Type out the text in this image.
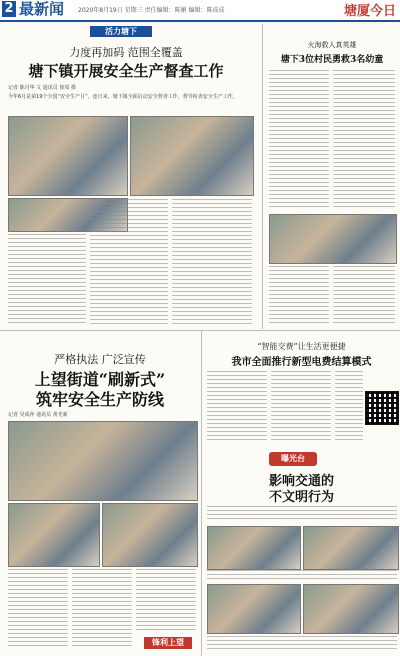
2 最新闻 2020年8月19日 星期三 责任编辑：陈媚 编辑：陈成成	塘厦今日
活力塘下
力度再加码 范围全覆盖
塘下镇开展安全生产督查工作
记者 陈丹华 文 通讯员 徐周 摄
今年6月是第19个全国“安全生产月”，连日来，塘下镇全面启动安全督查工作，督导检查安全生产工作。
火海救人真英雄
塘下3位村民勇救3名幼童
严格执法 广泛宣传
上望街道“刷新式”
筑牢安全生产防线
记者 吴成萍 通讯员 黄光新
锋利上望
“智能交费”让生活更便捷
我市全面推行新型电费结算模式
曝光台
影响交通的
不文明行为
